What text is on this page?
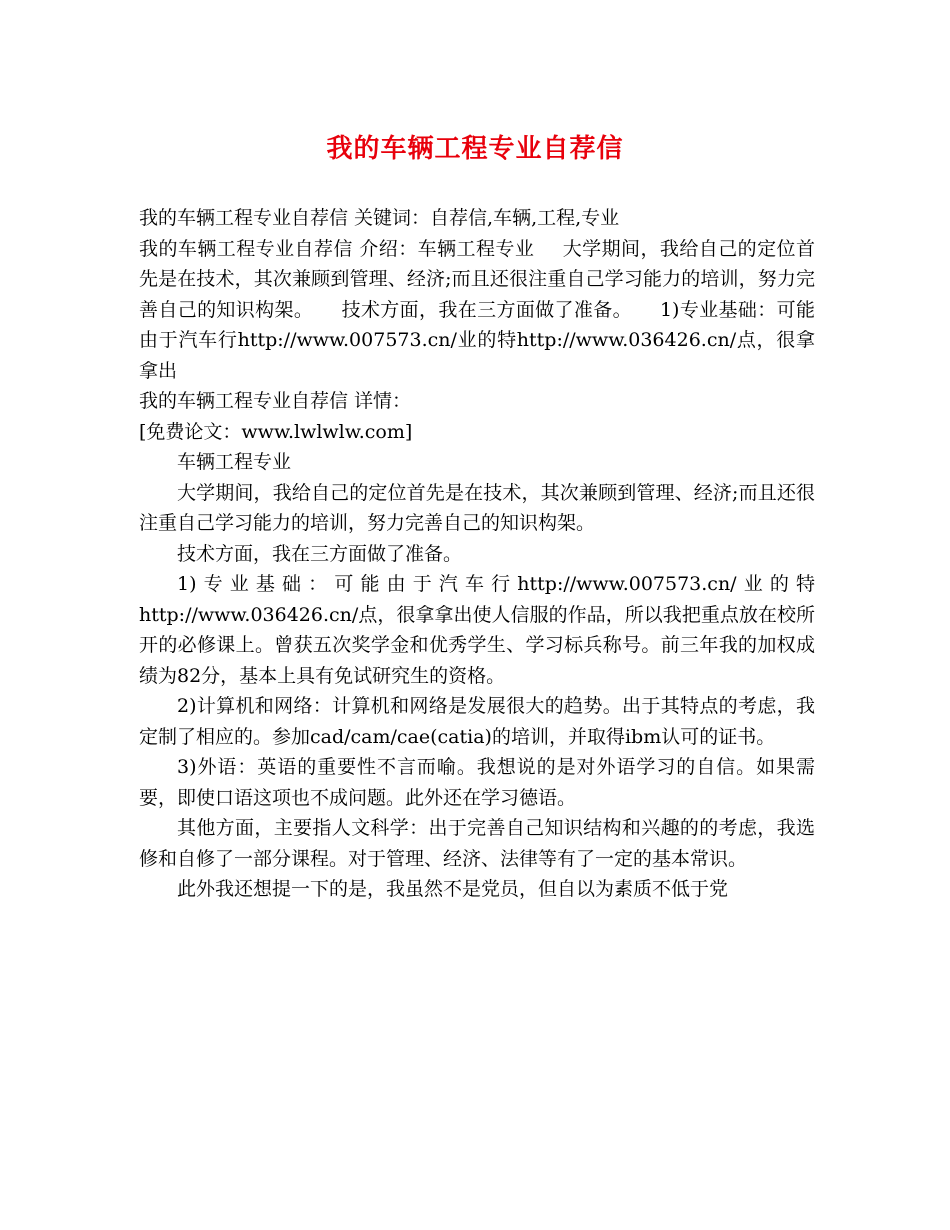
我的车辆工程专业自荐信

我的车辆工程专业自荐信 关键词：自荐信,车辆,工程,专业

我的车辆工程专业自荐信 介绍：车辆工程专业 大学期间，我给自己的定位首先是在技术，其次兼顾到管理、经济;而且还很注重自己学习能力的培训，努力完善自己的知识构架。 技术方面，我在三方面做了准备。 1)专业基础：可能由于汽车行http://www.007573.cn/业的特http://www.036426.cn/点，很拿拿出

我的车辆工程专业自荐信 详情：

[免费论文：www.lwlwlw.com]

车辆工程专业

大学期间，我给自己的定位首先是在技术，其次兼顾到管理、经济;而且还很注重自己学习能力的培训，努力完善自己的知识构架。

技术方面，我在三方面做了准备。

1)专业基础：可能由于汽车行http://www.007573.cn/业的特http://www.036426.cn/点，很拿拿出使人信服的作品，所以我把重点放在校所开的必修课上。曾获五次奖学金和优秀学生、学习标兵称号。前三年我的加权成绩为82分，基本上具有免试研究生的资格。

2)计算机和网络：计算机和网络是发展很大的趋势。出于其特点的考虑，我定制了相应的。参加cad/cam/cae(catia)的培训，并取得ibm认可的证书。

3)外语：英语的重要性不言而喻。我想说的是对外语学习的自信。如果需要，即使口语这项也不成问题。此外还在学习德语。

其他方面，主要指人文科学：出于完善自己知识结构和兴趣的的考虑，我选修和自修了一部分课程。对于管理、经济、法律等有了一定的基本常识。

此外我还想提一下的是，我虽然不是党员，但自以为素质不低于党
